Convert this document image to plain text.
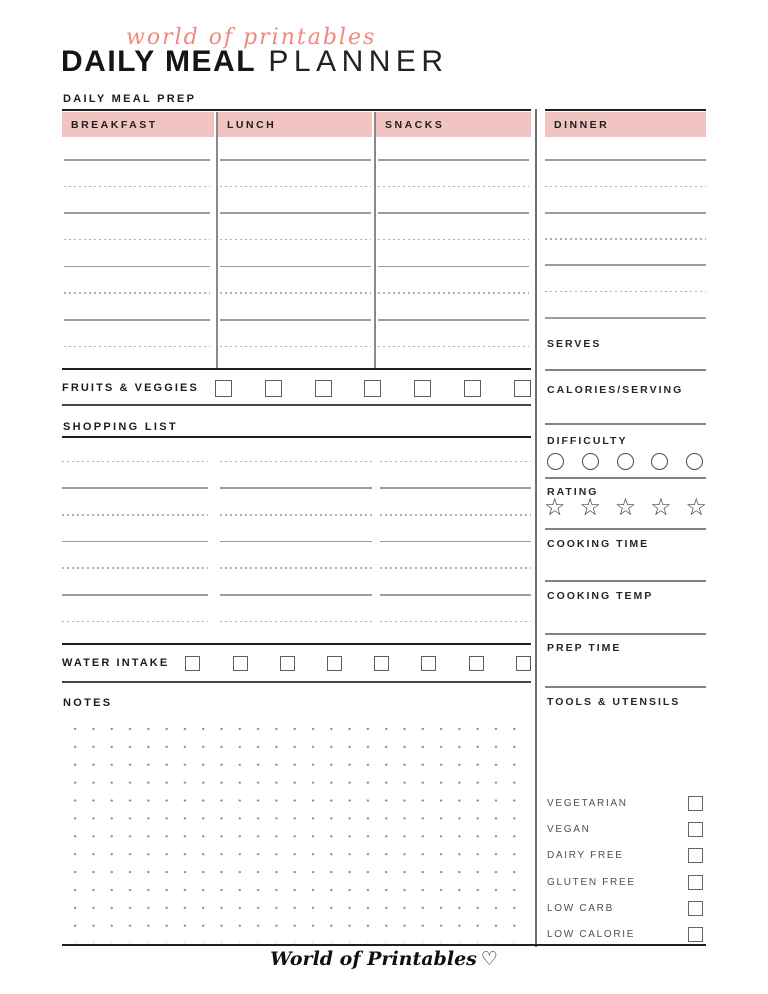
world of printables
DAILY MEAL PLANNER
DAILY MEAL PREP
BREAKFAST	LUNCH	SNACKS	DINNER
FRUITS & VEGGIES
SHOPPING LIST
WATER INTAKE
NOTES
SERVES
CALORIES/SERVING
DIFFICULTY
RATING
☆ ☆ ☆ ☆ ☆
COOKING TIME
COOKING TEMP
PREP TIME
TOOLS & UTENSILS
VEGETARIAN
VEGAN
DAIRY FREE
GLUTEN FREE
LOW CARB
LOW CALORIE
World of Printables ♡
